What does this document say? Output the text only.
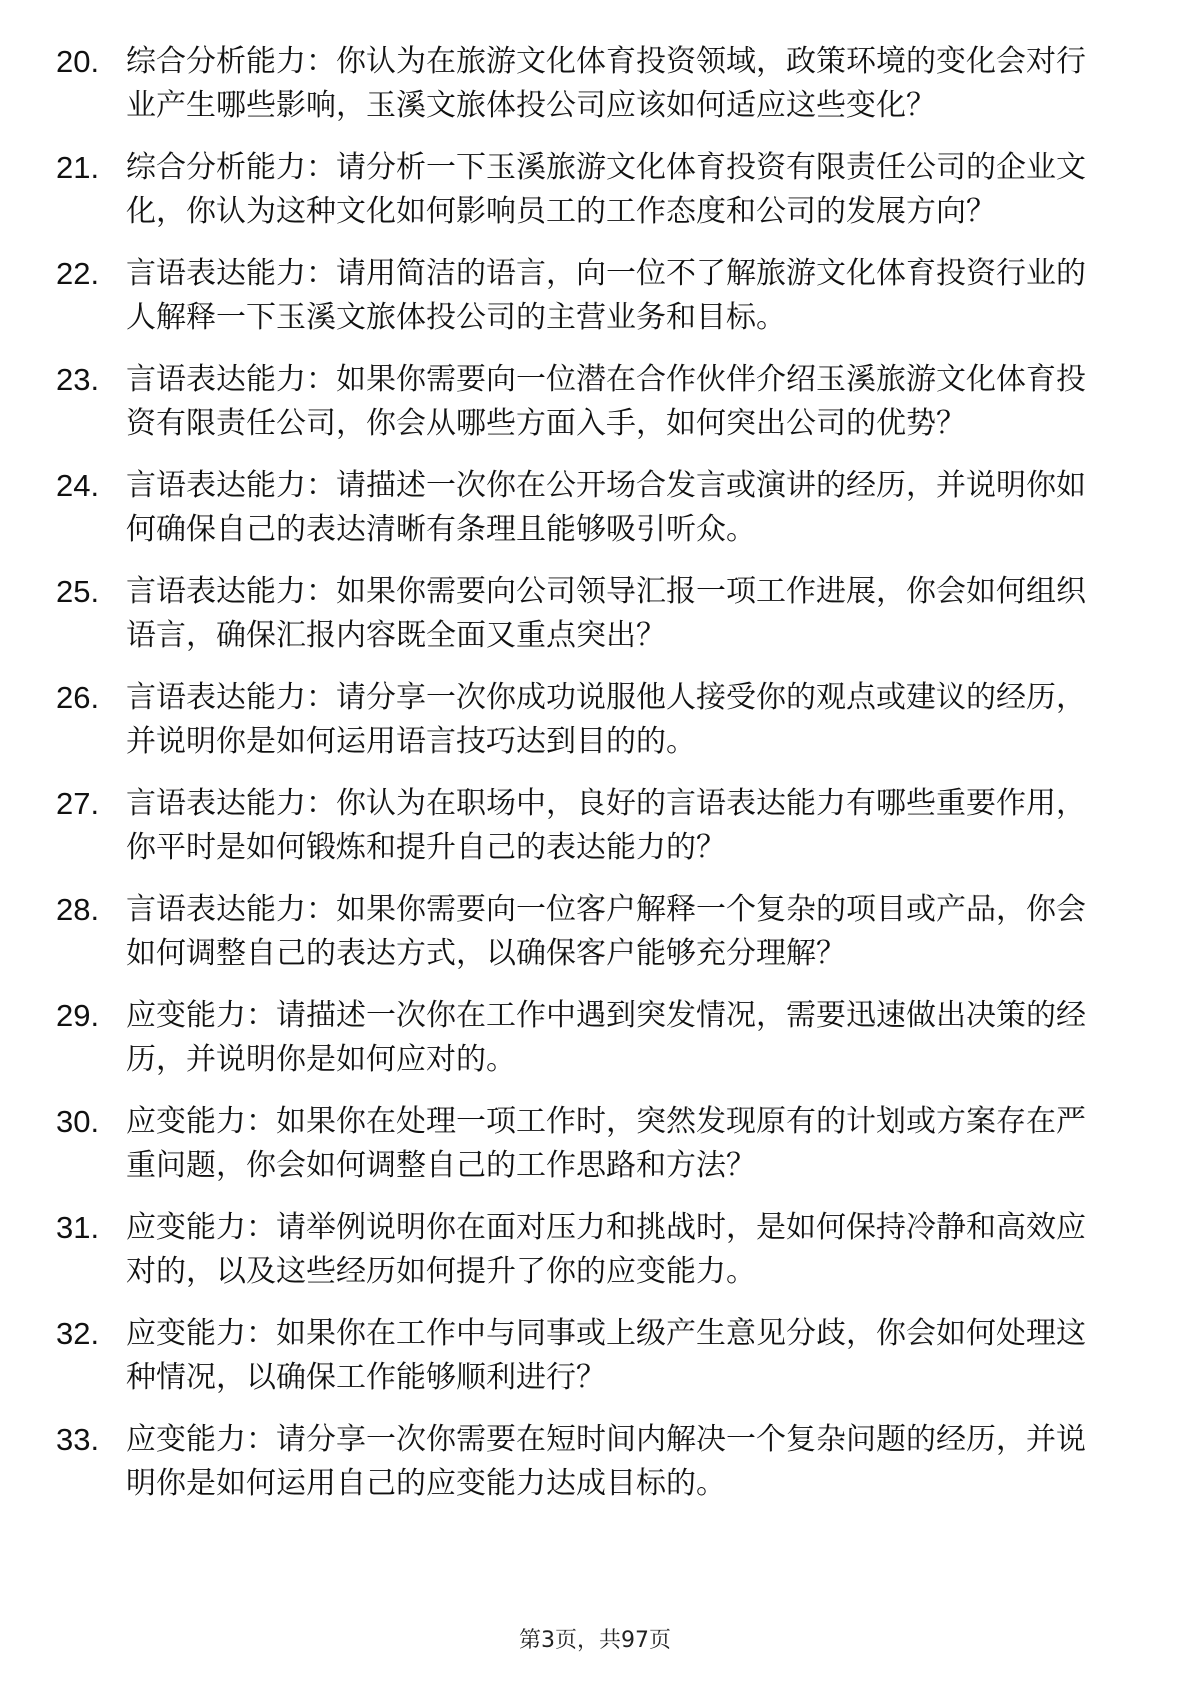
20. 综合分析能力：你认为在旅游文化体育投资领域，政策环境的变化会对行业产生哪些影响，玉溪文旅体投公司应该如何适应这些变化？
21. 综合分析能力：请分析一下玉溪旅游文化体育投资有限责任公司的企业文化，你认为这种文化如何影响员工的工作态度和公司的发展方向？
22. 言语表达能力：请用简洁的语言，向一位不了解旅游文化体育投资行业的人解释一下玉溪文旅体投公司的主营业务和目标。
23. 言语表达能力：如果你需要向一位潜在合作伙伴介绍玉溪旅游文化体育投资有限责任公司，你会从哪些方面入手，如何突出公司的优势？
24. 言语表达能力：请描述一次你在公开场合发言或演讲的经历，并说明你如何确保自己的表达清晰有条理且能够吸引听众。
25. 言语表达能力：如果你需要向公司领导汇报一项工作进展，你会如何组织语言，确保汇报内容既全面又重点突出？
26. 言语表达能力：请分享一次你成功说服他人接受你的观点或建议的经历，并说明你是如何运用语言技巧达到目的的。
27. 言语表达能力：你认为在职场中，良好的言语表达能力有哪些重要作用，你平时是如何锻炼和提升自己的表达能力的？
28. 言语表达能力：如果你需要向一位客户解释一个复杂的项目或产品，你会如何调整自己的表达方式，以确保客户能够充分理解？
29. 应变能力：请描述一次你在工作中遇到突发情况，需要迅速做出决策的经历，并说明你是如何应对的。
30. 应变能力：如果你在处理一项工作时，突然发现原有的计划或方案存在严重问题，你会如何调整自己的工作思路和方法？
31. 应变能力：请举例说明你在面对压力和挑战时，是如何保持冷静和高效应对的，以及这些经历如何提升了你的应变能力。
32. 应变能力：如果你在工作中与同事或上级产生意见分歧，你会如何处理这种情况，以确保工作能够顺利进行？
33. 应变能力：请分享一次你需要在短时间内解决一个复杂问题的经历，并说明你是如何运用自己的应变能力达成目标的。
第3页，共97页
